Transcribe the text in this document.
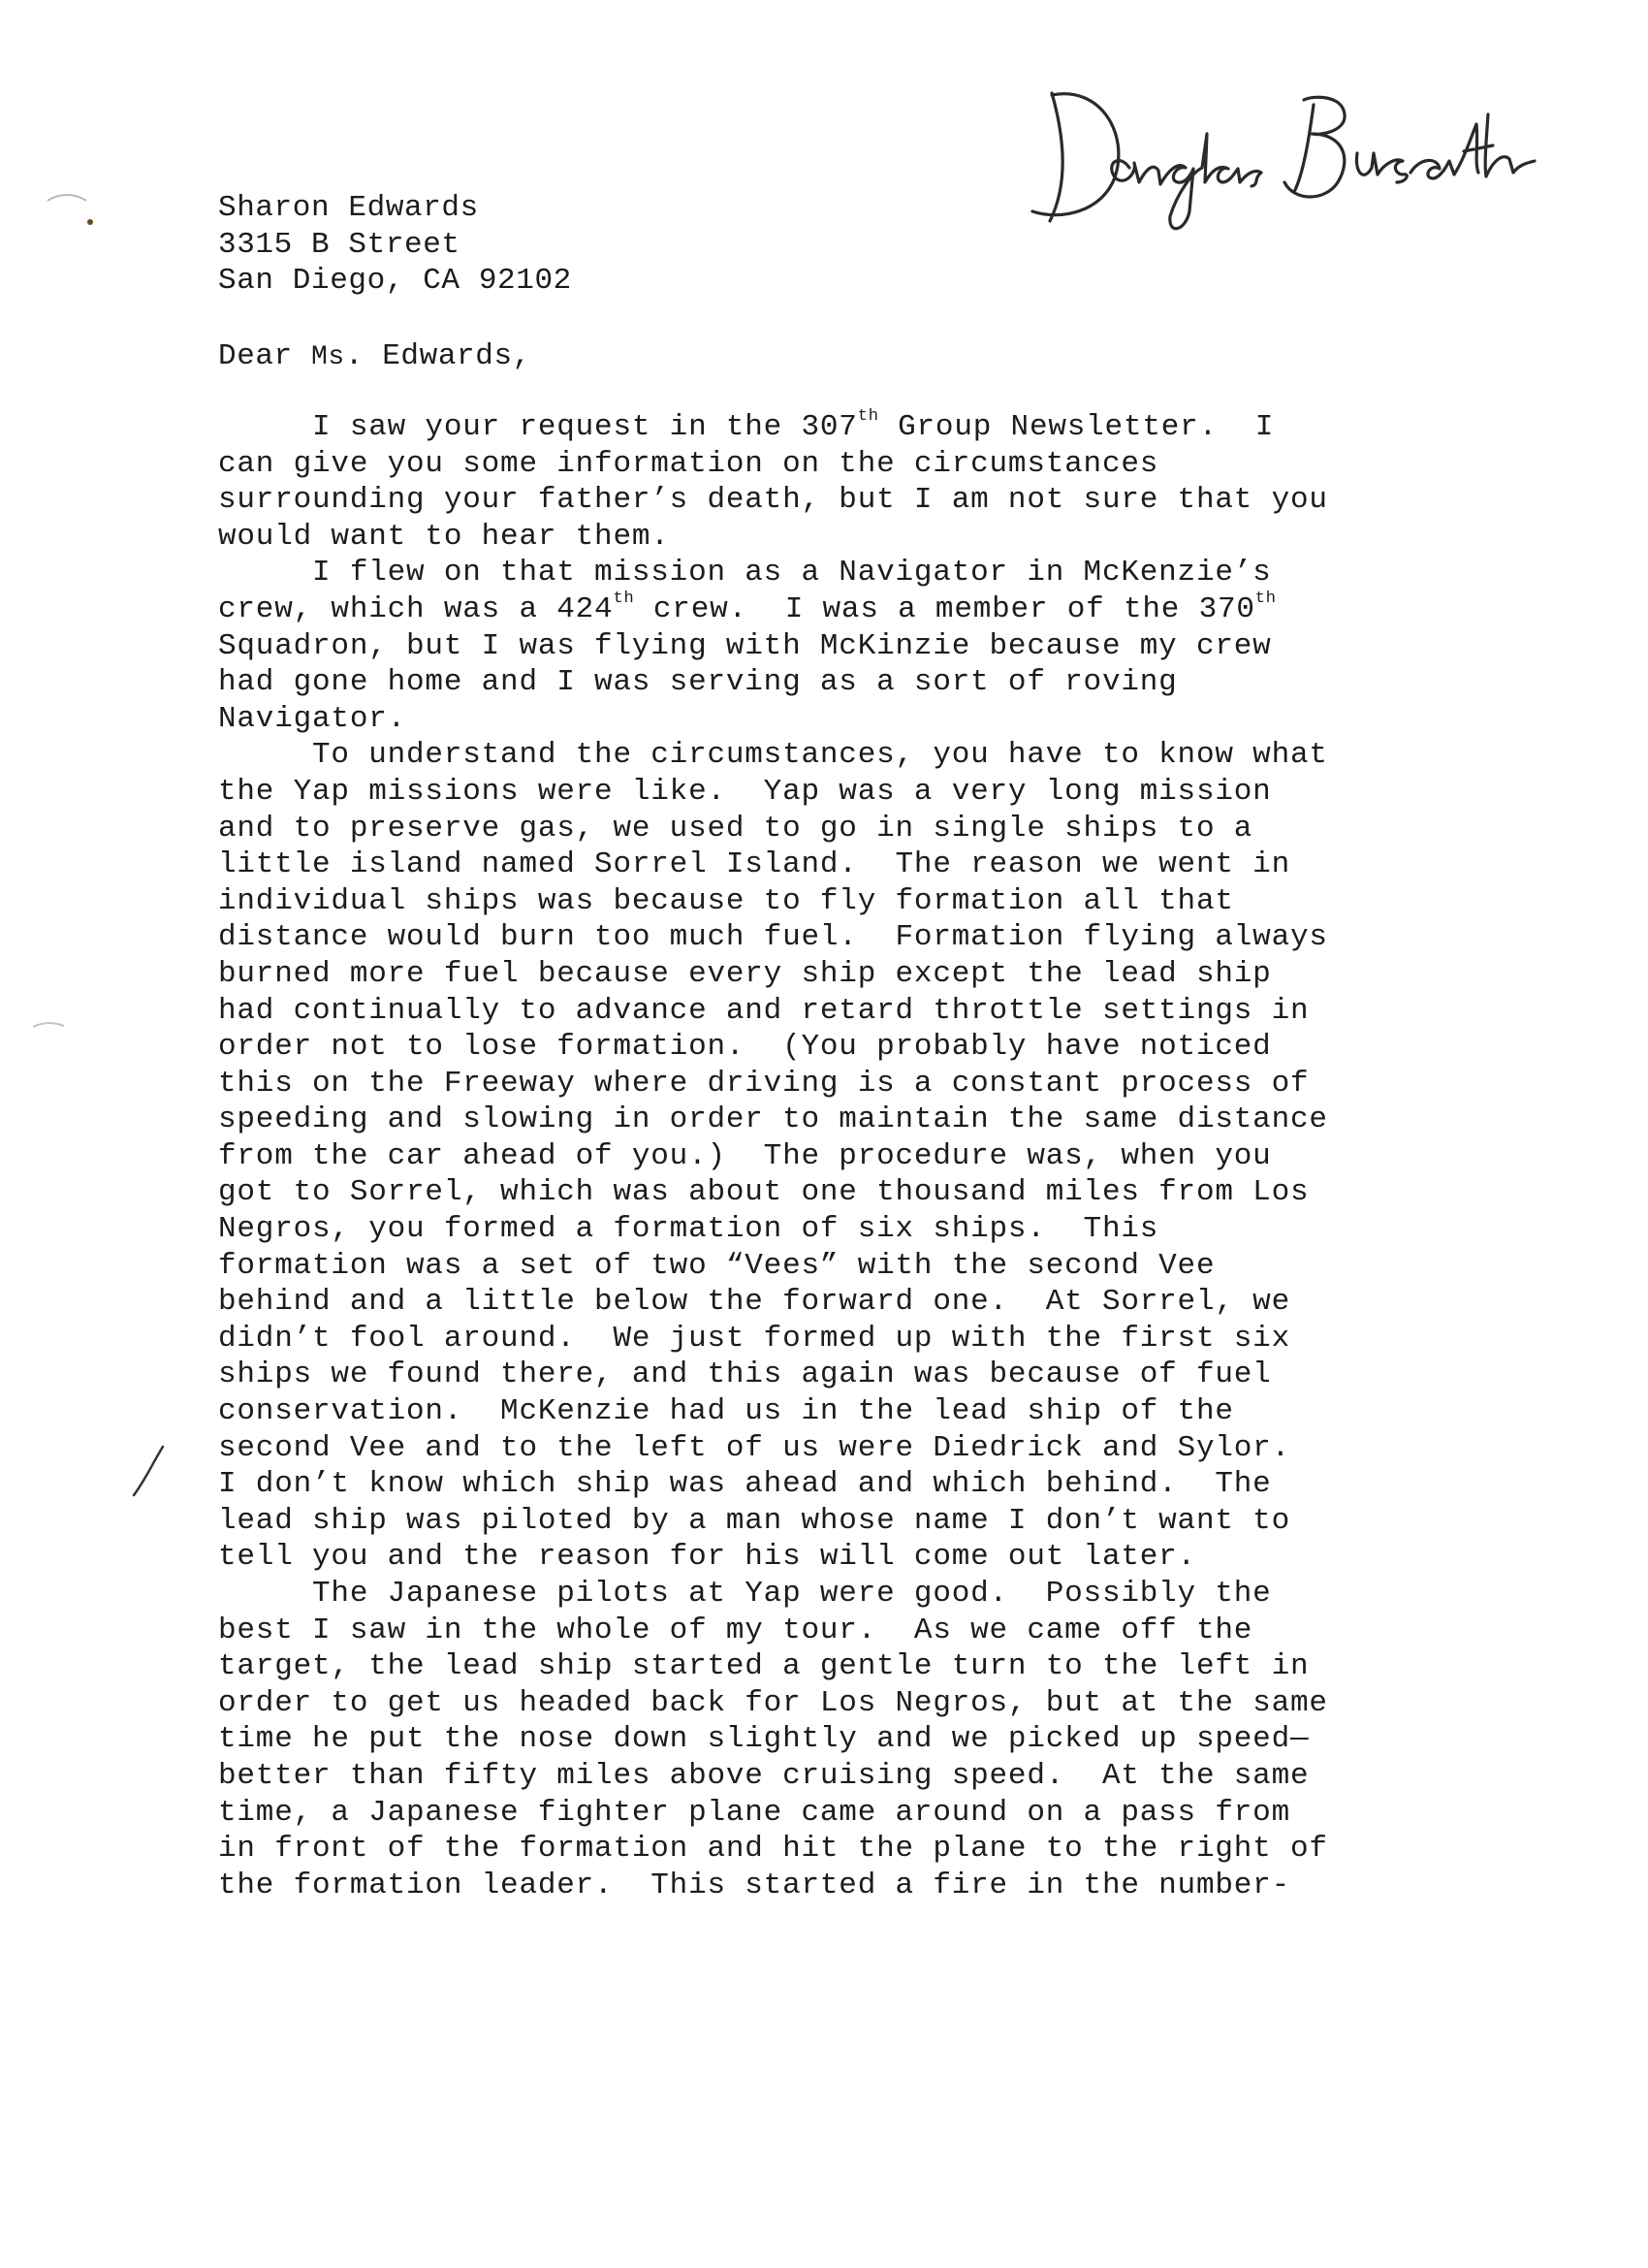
Sharon Edwards
3315 B Street
San Diego, CA 92102
Dear Ms. Edwards,
I saw your request in the 307th Group Newsletter.  I
can give you some information on the circumstances
surrounding your father’s death, but I am not sure that you
would want to hear them.
I flew on that mission as a Navigator in McKenzie’s
crew, which was a 424th crew.  I was a member of the 370th
Squadron, but I was flying with McKinzie because my crew
had gone home and I was serving as a sort of roving
Navigator.
To understand the circumstances, you have to know what
the Yap missions were like.  Yap was a very long mission
and to preserve gas, we used to go in single ships to a
little island named Sorrel Island.  The reason we went in
individual ships was because to fly formation all that
distance would burn too much fuel.  Formation flying always
burned more fuel because every ship except the lead ship
had continually to advance and retard throttle settings in
order not to lose formation.  (You probably have noticed
this on the Freeway where driving is a constant process of
speeding and slowing in order to maintain the same distance
from the car ahead of you.)  The procedure was, when you
got to Sorrel, which was about one thousand miles from Los
Negros, you formed a formation of six ships.  This
formation was a set of two “Vees” with the second Vee
behind and a little below the forward one.  At Sorrel, we
didn’t fool around.  We just formed up with the first six
ships we found there, and this again was because of fuel
conservation.  McKenzie had us in the lead ship of the
second Vee and to the left of us were Diedrick and Sylor.
I don’t know which ship was ahead and which behind.  The
lead ship was piloted by a man whose name I don’t want to
tell you and the reason for his will come out later.
The Japanese pilots at Yap were good.  Possibly the
best I saw in the whole of my tour.  As we came off the
target, the lead ship started a gentle turn to the left in
order to get us headed back for Los Negros, but at the same
time he put the nose down slightly and we picked up speed—
better than fifty miles above cruising speed.  At the same
time, a Japanese fighter plane came around on a pass from
in front of the formation and hit the plane to the right of
the formation leader.  This started a fire in the number-
